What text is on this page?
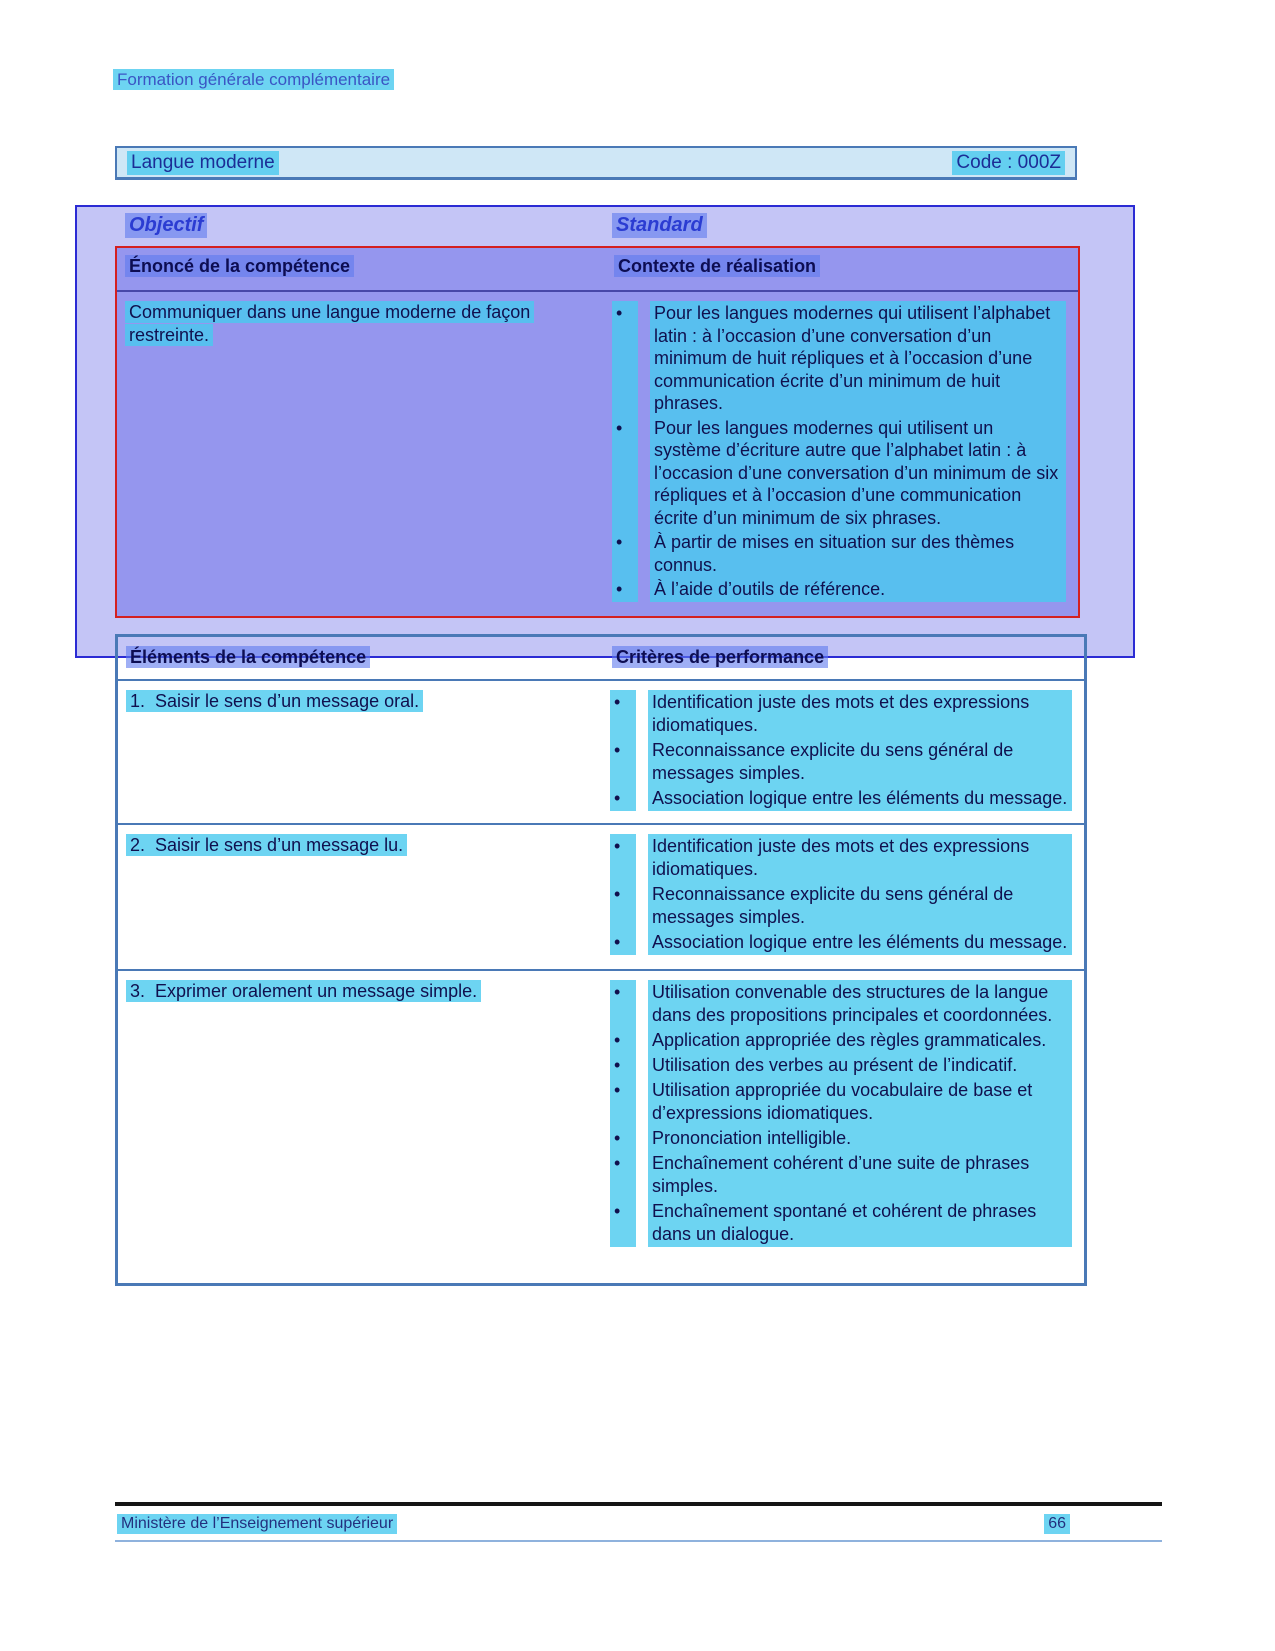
Formation générale complémentaire
Langue moderne	Code : 000Z
Objectif	Standard
Énoncé de la compétence	Contexte de réalisation
Communiquer dans une langue moderne de façon restreinte.
•	Pour les langues modernes qui utilisent l’alphabet latin : à l’occasion d’une conversation d’un minimum de huit répliques et à l’occasion d’une communication écrite d’un minimum de huit phrases.
•	Pour les langues modernes qui utilisent un système d’écriture autre que l’alphabet latin : à l’occasion d’une conversation d’un minimum de six répliques et à l’occasion d’une communication écrite d’un minimum de six phrases.
•	À partir de mises en situation sur des thèmes connus.
•	À l’aide d’outils de référence.
Éléments de la compétence	Critères de performance
1.  Saisir le sens d’un message oral.	•	Identification juste des mots et des expressions idiomatiques.
•	Reconnaissance explicite du sens général de messages simples.
•	Association logique entre les éléments du message.
2.  Saisir le sens d’un message lu.	•	Identification juste des mots et des expressions idiomatiques.
•	Reconnaissance explicite du sens général de messages simples.
•	Association logique entre les éléments du message.
3.  Exprimer oralement un message simple.	•	Utilisation convenable des structures de la langue dans des propositions principales et coordonnées.
•	Application appropriée des règles grammaticales.
•	Utilisation des verbes au présent de l’indicatif.
•	Utilisation appropriée du vocabulaire de base et d’expressions idiomatiques.
•	Prononciation intelligible.
•	Enchaînement cohérent d’une suite de phrases simples.
•	Enchaînement spontané et cohérent de phrases dans un dialogue.
Ministère de l’Enseignement supérieur	66
